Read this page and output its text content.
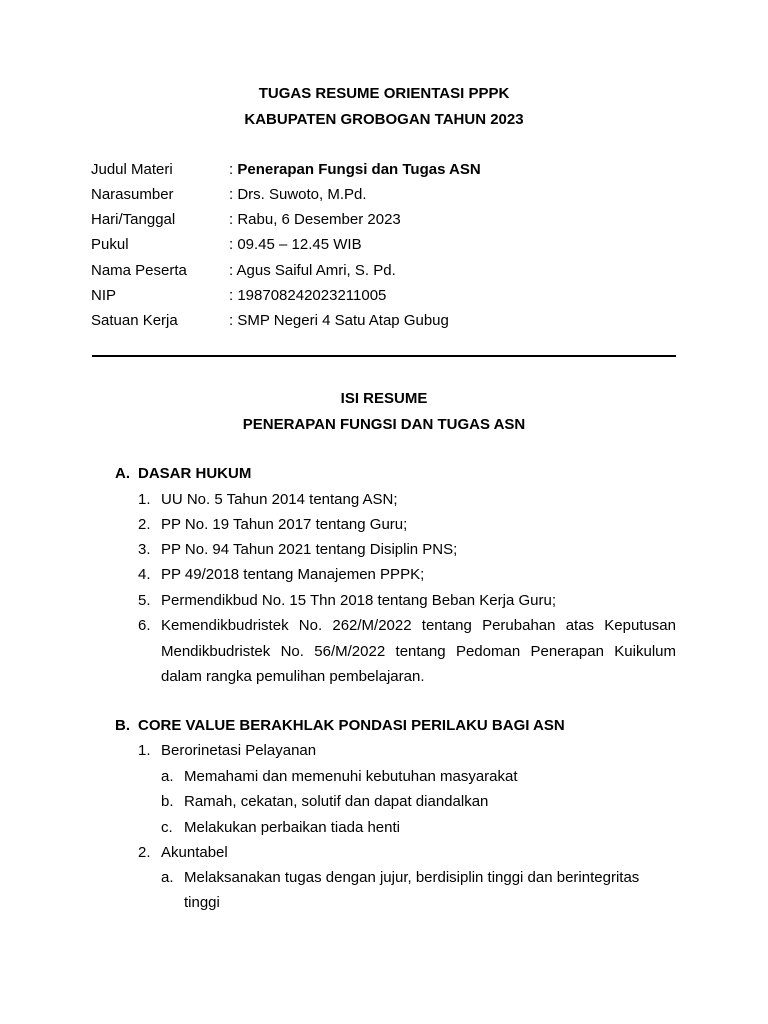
TUGAS RESUME ORIENTASI PPPK
KABUPATEN GROBOGAN TAHUN 2023
Judul Materi	: Penerapan Fungsi dan Tugas ASN
Narasumber	: Drs. Suwoto, M.Pd.
Hari/Tanggal	: Rabu, 6 Desember 2023
Pukul	: 09.45 – 12.45 WIB
Nama Peserta	: Agus Saiful Amri, S. Pd.
NIP	: 198708242023211005
Satuan Kerja	: SMP Negeri 4 Satu Atap Gubug
ISI RESUME
PENERAPAN FUNGSI DAN TUGAS ASN
A. DASAR HUKUM
1. UU No. 5 Tahun 2014 tentang ASN;
2. PP No. 19 Tahun 2017 tentang Guru;
3. PP No. 94 Tahun 2021 tentang Disiplin PNS;
4. PP 49/2018 tentang Manajemen PPPK;
5. Permendikbud No. 15 Thn 2018 tentang Beban Kerja Guru;
6. Kemendikbudristek No. 262/M/2022 tentang Perubahan atas Keputusan
Mendikbudristek No. 56/M/2022 tentang Pedoman Penerapan Kuikulum
dalam rangka pemulihan pembelajaran.
B. CORE VALUE BERAKHLAK PONDASI PERILAKU BAGI ASN
1. Berorinetasi Pelayanan
a. Memahami dan memenuhi kebutuhan masyarakat
b. Ramah, cekatan, solutif dan dapat diandalkan
c. Melakukan perbaikan tiada henti
2. Akuntabel
a. Melaksanakan tugas dengan jujur, berdisiplin tinggi dan berintegritas
tinggi
